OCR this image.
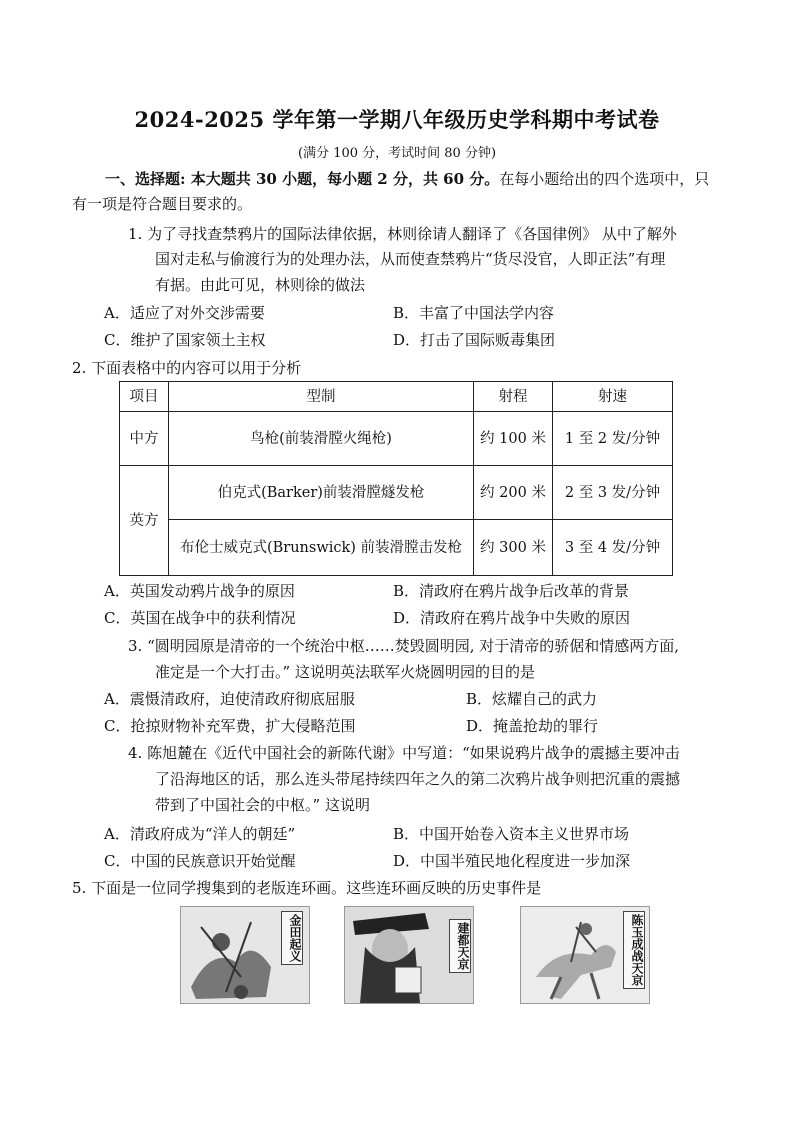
2024-2025 学年第一学期八年级历史学科期中考试卷
(满分 100 分，考试时间 80 分钟)
一、选择题: 本大题共 30 小题，每小题 2 分，共 60 分。在每小题给出的四个选项中，只
有一项是符合题目要求的。
1. 为了寻找查禁鸦片的国际法律依据，林则徐请人翻译了《各国律例》 从中了解外
国对走私与偷渡行为的处理办法，从而使查禁鸦片“货尽没官，人即正法”有理
有据。由此可见，林则徐的做法
A．适应了对外交涉需要	B．丰富了中国法学内容
C．维护了国家领土主权	D．打击了国际贩毒集团
2. 下面表格中的内容可以用于分析
项目	型制	射程	射速
中方	鸟枪(前装滑膛火绳枪)	约 100 米	1 至 2 发/分钟
英方	伯克式(Barker)前装滑膛燧发枪	约 200 米	2 至 3 发/分钟
	布伦士威克式(Brunswick) 前装滑膛击发枪	约 300 米	3 至 4 发/分钟
A．英国发动鸦片战争的原因	B．清政府在鸦片战争后改革的背景
C．英国在战争中的获利情况	D．清政府在鸦片战争中失败的原因
3. “圆明园原是清帝的一个统治中枢……焚毁圆明园, 对于清帝的骄倨和情感两方面,
准定是一个大打击。” 这说明英法联军火烧圆明园的目的是
A．震慑清政府，迫使清政府彻底屈服	B．炫耀自己的武力
C．抢掠财物补充军费，扩大侵略范围	D．掩盖抢劫的罪行
4. 陈旭麓在《近代中国社会的新陈代谢》中写道：“如果说鸦片战争的震撼主要冲击
了沿海地区的话，那么连头带尾持续四年之久的第二次鸦片战争则把沉重的震撼
带到了中国社会的中枢。” 这说明
A．清政府成为“洋人的朝廷”	B．中国开始卷入资本主义世界市场
C．中国的民族意识开始觉醒	D．中国半殖民地化程度进一步加深
5. 下面是一位同学搜集到的老版连环画。这些连环画反映的历史事件是
金田起义	建都天京	陈玉成战天京
